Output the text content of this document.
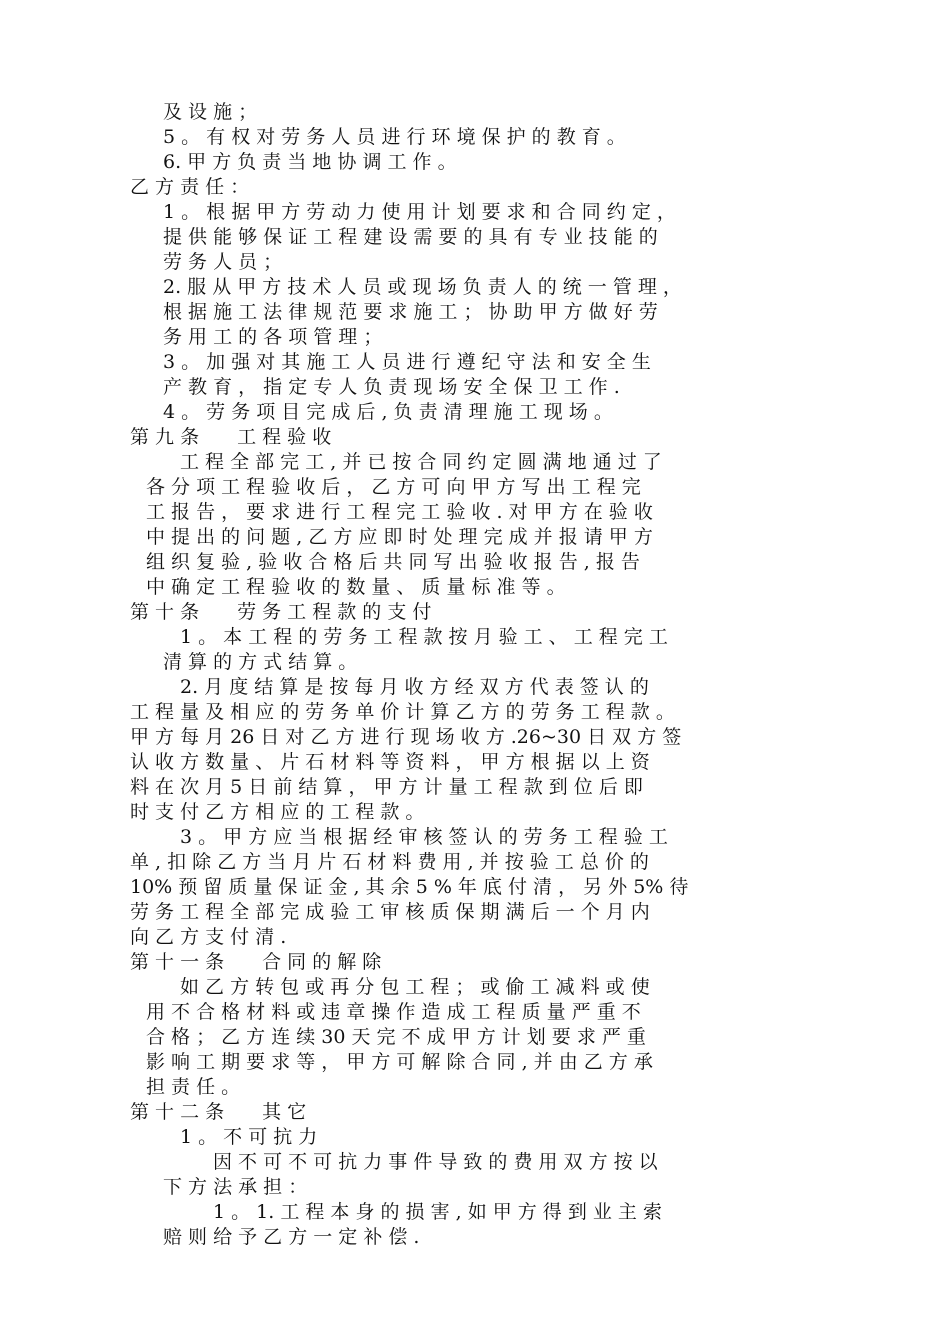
及 设 施 ；
5 。 有 权 对 劳 务 人 员 进 行 环 境 保 护 的 教 育 。
6. 甲 方 负 责 当 地 协 调 工 作 。
乙 方 责 任 ：
1 。 根 据 甲 方 劳 动 力 使 用 计 划 要 求 和 合 同 约 定 ，
提 供 能 够 保 证 工 程 建 设 需 要 的 具 有 专 业 技 能 的
劳 务 人 员 ；
2. 服 从 甲 方 技 术 人 员 或 现 场 负 责 人 的 统 一 管 理 ，
根 据 施 工 法 律 规 范 要 求 施 工 ； 协 助 甲 方 做 好 劳
务 用 工 的 各 项 管 理 ；
3 。 加 强 对 其 施 工 人 员 进 行 遵 纪 守 法 和 安 全 生
产 教 育 ， 指 定 专 人 负 责 现 场 安 全 保 卫 工 作 .
4 。 劳 务 项 目 完 成 后 , 负 责 清 理 施 工 现 场 。
第 九 条　　工 程 验 收
工 程 全 部 完 工 , 并 已 按 合 同 约 定 圆 满 地 通 过 了
各 分 项 工 程 验 收 后 ， 乙 方 可 向 甲 方 写 出 工 程 完
工 报 告 ， 要 求 进 行 工 程 完 工 验 收 . 对 甲 方 在 验 收
中 提 出 的 问 题 , 乙 方 应 即 时 处 理 完 成 并 报 请 甲 方
组 织 复 验 , 验 收 合 格 后 共 同 写 出 验 收 报 告 , 报 告
中 确 定 工 程 验 收 的 数 量 、 质 量 标 准 等 。
第 十 条　　劳 务 工 程 款 的 支 付
1 。 本 工 程 的 劳 务 工 程 款 按 月 验 工 、 工 程 完 工
清 算 的 方 式 结 算 。
2. 月 度 结 算 是 按 每 月 收 方 经 双 方 代 表 签 认 的
工 程 量 及 相 应 的 劳 务 单 价 计 算 乙 方 的 劳 务 工 程 款 。
甲 方 每 月 26 日 对 乙 方 进 行 现 场 收 方 .26~30 日 双 方 签
认 收 方 数 量 、 片 石 材 料 等 资 料 ， 甲 方 根 据 以 上 资
料 在 次 月 5 日 前 结 算 ， 甲 方 计 量 工 程 款 到 位 后 即
时 支 付 乙 方 相 应 的 工 程 款 。
3 。 甲 方 应 当 根 据 经 审 核 签 认 的 劳 务 工 程 验 工
单 , 扣 除 乙 方 当 月 片 石 材 料 费 用 , 并 按 验 工 总 价 的
10% 预 留 质 量 保 证 金 , 其 余 5 % 年 底 付 清 ， 另 外 5% 待
劳 务 工 程 全 部 完 成 验 工 审 核 质 保 期 满 后 一 个 月 内
向 乙 方 支 付 清 .
第 十 一 条　　合 同 的 解 除
如 乙 方 转 包 或 再 分 包 工 程 ； 或 偷 工 减 料 或 使
用 不 合 格 材 料 或 违 章 操 作 造 成 工 程 质 量 严 重 不
合 格 ； 乙 方 连 续 30 天 完 不 成 甲 方 计 划 要 求 严 重
影 响 工 期 要 求 等 ， 甲 方 可 解 除 合 同 , 并 由 乙 方 承
担 责 任 。
第 十 二 条　　其 它
1 。 不 可 抗 力
因 不 可 不 可 抗 力 事 件 导 致 的 费 用 双 方 按 以
下 方 法 承 担 ：
1 。 1. 工 程 本 身 的 损 害 , 如 甲 方 得 到 业 主 索
赔 则 给 予 乙 方 一 定 补 偿 .
